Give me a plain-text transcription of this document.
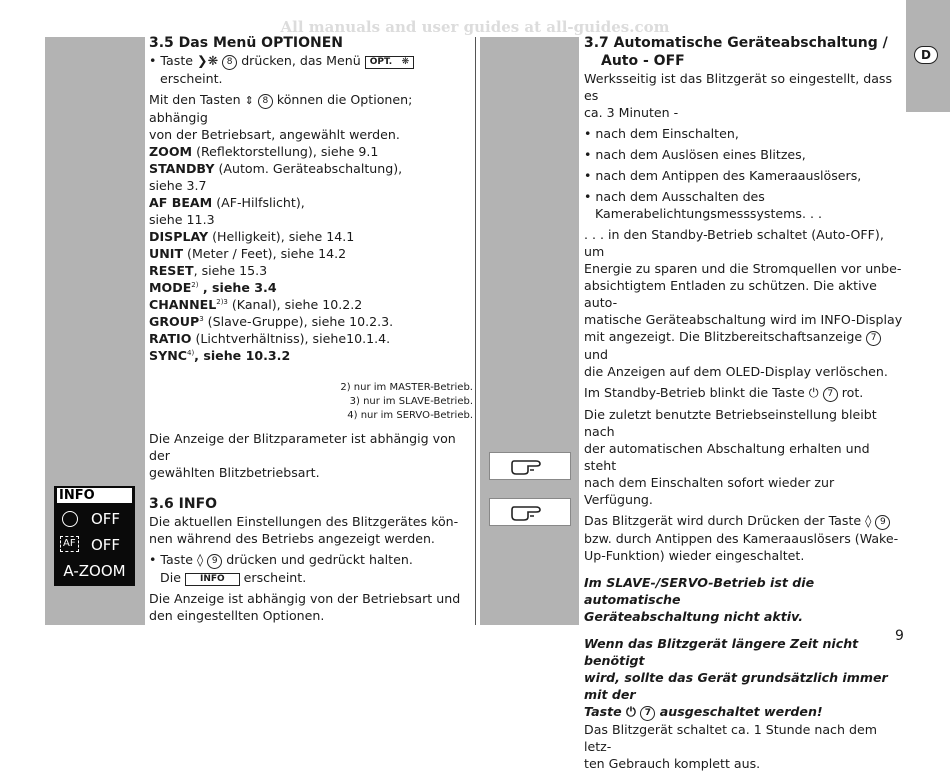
All manuals and user guides at all-guides.com
D

3.5 Das Menü OPTIONEN

• Taste ❯❋ 8 drücken, das Menü OPT.   ❋

erscheint.

Mit den Tasten ⇕ 8 können die Optionen; abhängig

von der Betriebsart, angewählt werden.

ZOOM (Reflektorstellung), siehe 9.1

STANDBY (Autom. Geräteabschaltung),

siehe 3.7

AF BEAM (AF-Hilfslicht),

siehe 11.3

DISPLAY (Helligkeit), siehe 14.1

UNIT (Meter / Feet), siehe 14.2

RESET, siehe 15.3

MODE$^{2)}$ , siehe 3.4

$CHANNEL^{2)3}$ (Kanal), siehe 10.2.2

GROUP$^3$ (Slave-Gruppe), siehe 10.2.3.

RATIO (Lichtverhältniss), siehe10.1.4.

SYNC$^{4)}$, siehe 10.3.2

2) nur im MASTER-Betrieb.

3) nur im SLAVE-Betrieb.

4) nur im SERVO-Betrieb.

Die Anzeige der Blitzparameter ist abhängig von der

gewählten Blitzbetriebsart.

3.6 INFO

Die aktuellen Einstellungen des Blitzgerätes kön-

nen während des Betriebs angezeigt werden.

• Taste ◊ 9 drücken und gedrückt halten.

Die INFO erscheint.

Die Anzeige ist abhängig von der Betriebsart und

den eingestellten Optionen.

INFO
OFF
AF OFF
A-ZOOM

3.7 Automatische Geräteabschaltung /

Auto - OFF

Werksseitig ist das Blitzgerät so eingestellt, dass es

ca. 3 Minuten -

• nach dem Einschalten,

• nach dem Auslösen eines Blitzes,

• nach dem Antippen des Kameraauslösers,

• nach dem Ausschalten des

Kamerabelichtungsmesssystems. . .

. . . in den Standby-Betrieb schaltet (Auto-OFF), um

Energie zu sparen und die Stromquellen vor unbe-

absichtigtem Entladen zu schützen. Die aktive auto-

matische Geräteabschaltung wird im INFO-Display

mit angezeigt. Die Blitzbereitschaftsanzeige 7 und

die Anzeigen auf dem OLED-Display verlöschen.

Im Standby-Betrieb blinkt die Taste ⏻ 7 rot.

Die zuletzt benutzte Betriebseinstellung bleibt nach

der automatischen Abschaltung erhalten und steht

nach dem Einschalten sofort wieder zur Verfügung.

Das Blitzgerät wird durch Drücken der Taste ◊ 9

bzw. durch Antippen des Kameraauslösers (Wake-

Up-Funktion) wieder eingeschaltet.

Im SLAVE-/SERVO-Betrieb ist die automatische

Geräteabschaltung nicht aktiv.

Wenn das Blitzgerät längere Zeit nicht benötigt

wird, sollte das Gerät grundsätzlich immer mit der

Taste ⏻ 7 ausgeschaltet werden!

Das Blitzgerät schaltet ca. 1 Stunde nach dem letz-

ten Gebrauch komplett aus.

9
